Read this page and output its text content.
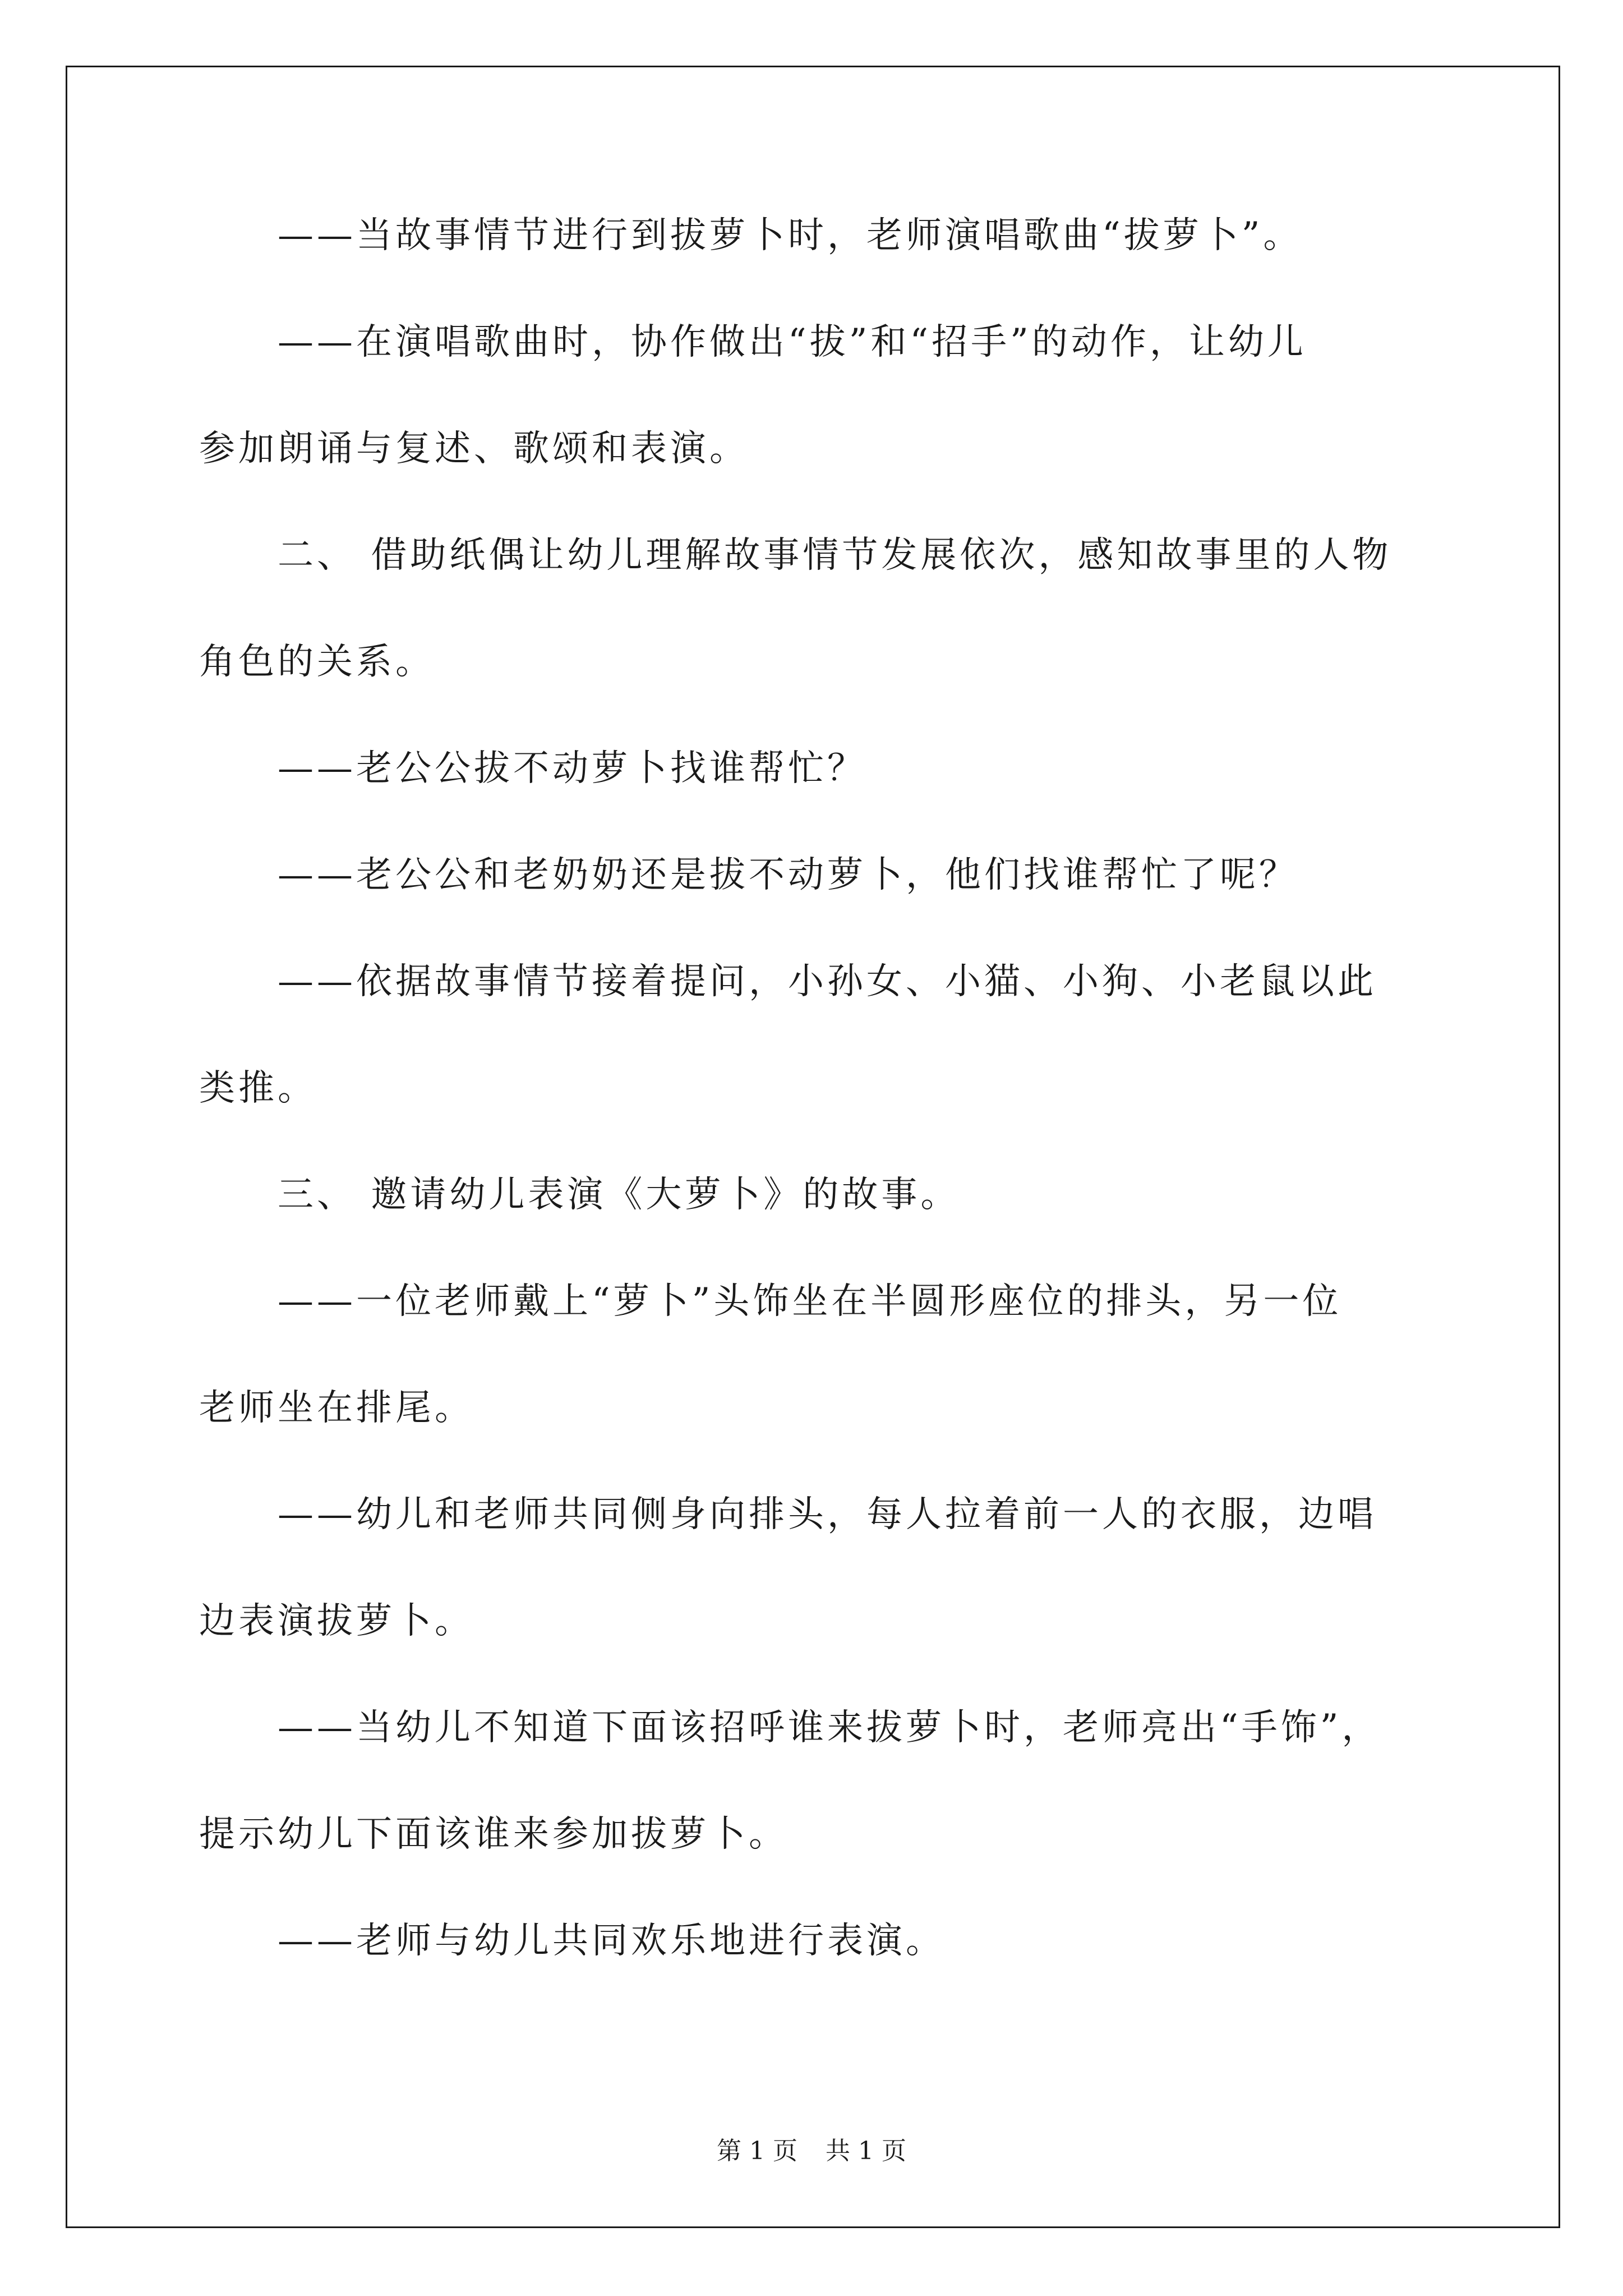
——当故事情节进行到拔萝卜时，老师演唱歌曲“拔萝卜”。
——在演唱歌曲时，协作做出“拔”和“招手”的动作，让幼儿
参加朗诵与复述、歌颂和表演。
二、 借助纸偶让幼儿理解故事情节发展依次，感知故事里的人物
角色的关系。
——老公公拔不动萝卜找谁帮忙？
——老公公和老奶奶还是拔不动萝卜，他们找谁帮忙了呢？
——依据故事情节接着提问，小孙女、小猫、小狗、小老鼠以此
类推。
三、 邀请幼儿表演《大萝卜》的故事。
——一位老师戴上“萝卜”头饰坐在半圆形座位的排头，另一位
老师坐在排尾。
——幼儿和老师共同侧身向排头，每人拉着前一人的衣服，边唱
边表演拔萝卜。
——当幼儿不知道下面该招呼谁来拔萝卜时，老师亮出“手饰”，
提示幼儿下面该谁来参加拔萝卜。
——老师与幼儿共同欢乐地进行表演。
第 1 页 共 1 页
